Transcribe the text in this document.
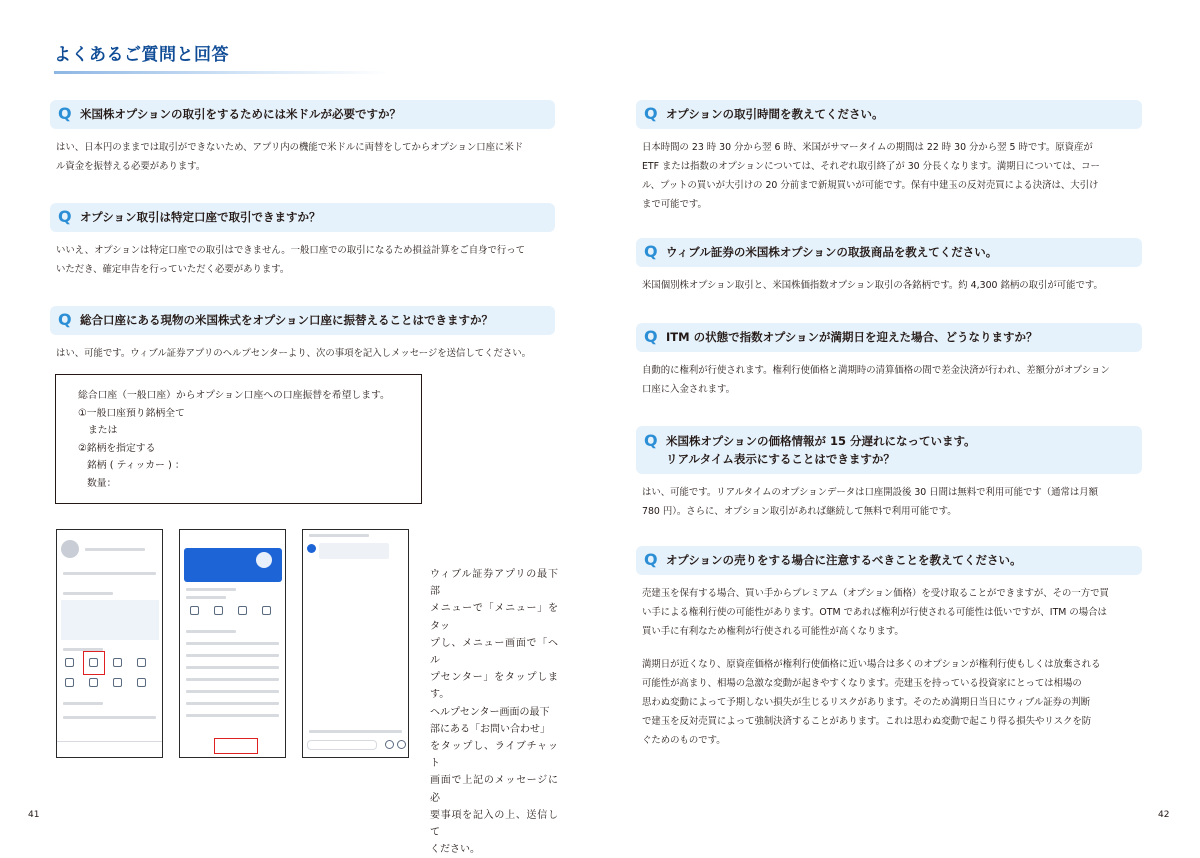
よくあるご質問と回答
Q 米国株オプションの取引をするためには米ドルが必要ですか？
はい、日本円のままでは取引ができないため、アプリ内の機能で米ドルに両替をしてからオプション口座に米ド
ル資金を振替える必要があります。
Q オプション取引は特定口座で取引できますか？
いいえ、オプションは特定口座での取引はできません。一般口座での取引になるため損益計算をご自身で行って
いただき、確定申告を行っていただく必要があります。
Q 総合口座にある現物の米国株式をオプション口座に振替えることはできますか？
はい、可能です。ウィブル証券アプリのヘルプセンターより、次の事項を記入しメッセージを送信してください。
総合口座（一般口座）からオプション口座への口座振替を希望します。
①一般口座預り銘柄全て
または
②銘柄を指定する
銘柄 ( ティッカー ) ：
数量：
ウィブル証券アプリの最下部
メニューで「メニュー」をタッ
プし、メニュー画面で「ヘル
プセンター」をタップします。
ヘルプセンター画面の最下
部にある「お問い合わせ」
をタップし、ライブチャット
画面で上記のメッセージに必
要事項を記入の上、送信して
ください。
Q オプションの取引時間を教えてください。
日本時間の 23 時 30 分から翌 6 時、米国がサマータイムの期間は 22 時 30 分から翌 5 時です。原資産が
ETF または指数のオプションについては、それぞれ取引終了が 30 分長くなります。満期日については、コー
ル、プットの買いが大引けの 20 分前まで新規買いが可能です。保有中建玉の反対売買による決済は、大引け
まで可能です。
Q ウィブル証券の米国株オプションの取扱商品を教えてください。
米国個別株オプション取引と、米国株価指数オプション取引の各銘柄です。約 4,300 銘柄の取引が可能です。
Q ITM の状態で指数オプションが満期日を迎えた場合、どうなりますか？
自動的に権利が行使されます。権利行使価格と満期時の清算価格の間で差金決済が行われ、差額分がオプション
口座に入金されます。
Q 米国株オプションの価格情報が 15 分遅れになっています。
リアルタイム表示にすることはできますか？
はい、可能です。リアルタイムのオプションデータは口座開設後 30 日間は無料で利用可能です（通常は月額
780 円）。さらに、オプション取引があれば継続して無料で利用可能です。
Q オプションの売りをする場合に注意するべきことを教えてください。
売建玉を保有する場合、買い手からプレミアム（オプション価格）を受け取ることができますが、その一方で買
い手による権利行使の可能性があります。OTM であれば権利が行使される可能性は低いですが、ITM の場合は
買い手に有利なため権利が行使される可能性が高くなります。
満期日が近くなり、原資産価格が権利行使価格に近い場合は多くのオプションが権利行使もしくは放棄される
可能性が高まり、相場の急激な変動が起きやすくなります。売建玉を持っている投資家にとっては相場の
思わぬ変動によって予期しない損失が生じるリスクがあります。そのため満期日当日にウィブル証券の判断
で建玉を反対売買によって強制決済することがあります。これは思わぬ変動で起こり得る損失やリスクを防
ぐためのものです。
41	42
